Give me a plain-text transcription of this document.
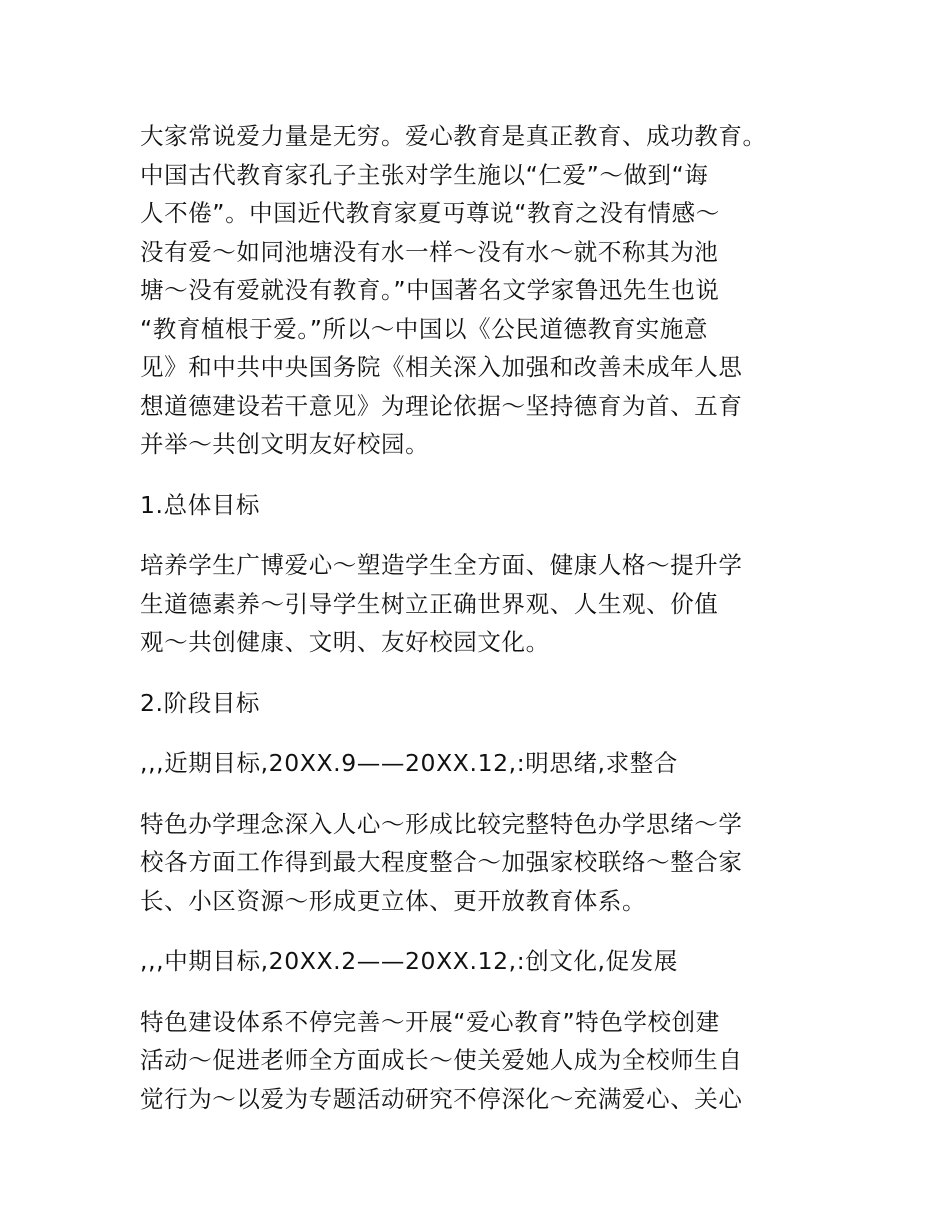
大家常说爱力量是无穷。爱心教育是真正教育、成功教育。
中国古代教育家孔子主张对学生施以“仁爱”～做到“诲
人不倦”。中国近代教育家夏丏尊说“教育之没有情感～
没有爱～如同池塘没有水一样～没有水～就不称其为池
塘～没有爱就没有教育。”中国著名文学家鲁迅先生也说
“教育植根于爱。”所以～中国以《公民道德教育实施意
见》和中共中央国务院《相关深入加强和改善未成年人思
想道德建设若干意见》为理论依据～坚持德育为首、五育
并举～共创文明友好校园。

1.总体目标

培养学生广博爱心～塑造学生全方面、健康人格～提升学
生道德素养～引导学生树立正确世界观、人生观、价值
观～共创健康、文明、友好校园文化。

2.阶段目标

,,,近期目标,20XX.9——20XX.12,:明思绪,求整合

特色办学理念深入人心～形成比较完整特色办学思绪～学
校各方面工作得到最大程度整合～加强家校联络～整合家
长、小区资源～形成更立体、更开放教育体系。

,,,中期目标,20XX.2——20XX.12,:创文化,促发展

特色建设体系不停完善～开展“爱心教育”特色学校创建
活动～促进老师全方面成长～使关爱她人成为全校师生自
觉行为～以爱为专题活动研究不停深化～充满爱心、关心
